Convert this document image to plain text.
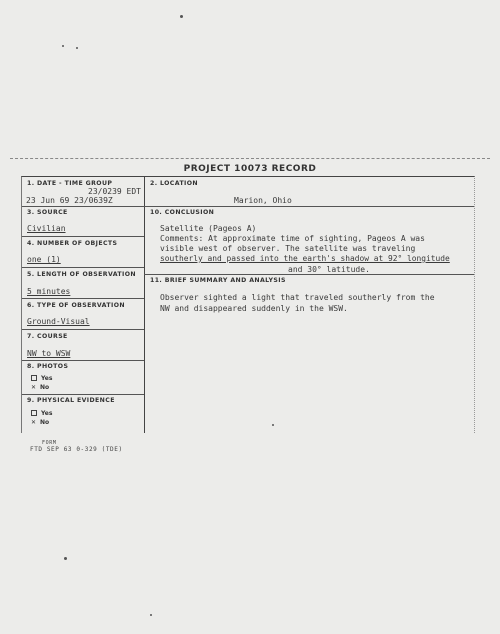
PROJECT 10073 RECORD
1. DATE - TIME GROUP
23/0239 EDT
23 Jun 69 23/0639Z
2. LOCATION
Marion, Ohio
3. SOURCE
Civilian
10. CONCLUSION
Satellite (Pageos A)
Comments: At approximate time of sighting, Pageos A was
visible west of observer. The satellite was traveling
southerly and passed into the earth's shadow at 92° longitude
and 30° latitude.
4. NUMBER OF OBJECTS
one (1)
5. LENGTH OF OBSERVATION
5 minutes
11. BRIEF SUMMARY AND ANALYSIS
Observer sighted a light that traveled southerly from the
NW and disappeared suddenly in the WSW.
6. TYPE OF OBSERVATION
Ground-Visual
7. COURSE
NW to WSW
8. PHOTOS
Yes
✕ No
9. PHYSICAL EVIDENCE
Yes
✕ No
FORM
FTD SEP 63 0-329 (TDE)
